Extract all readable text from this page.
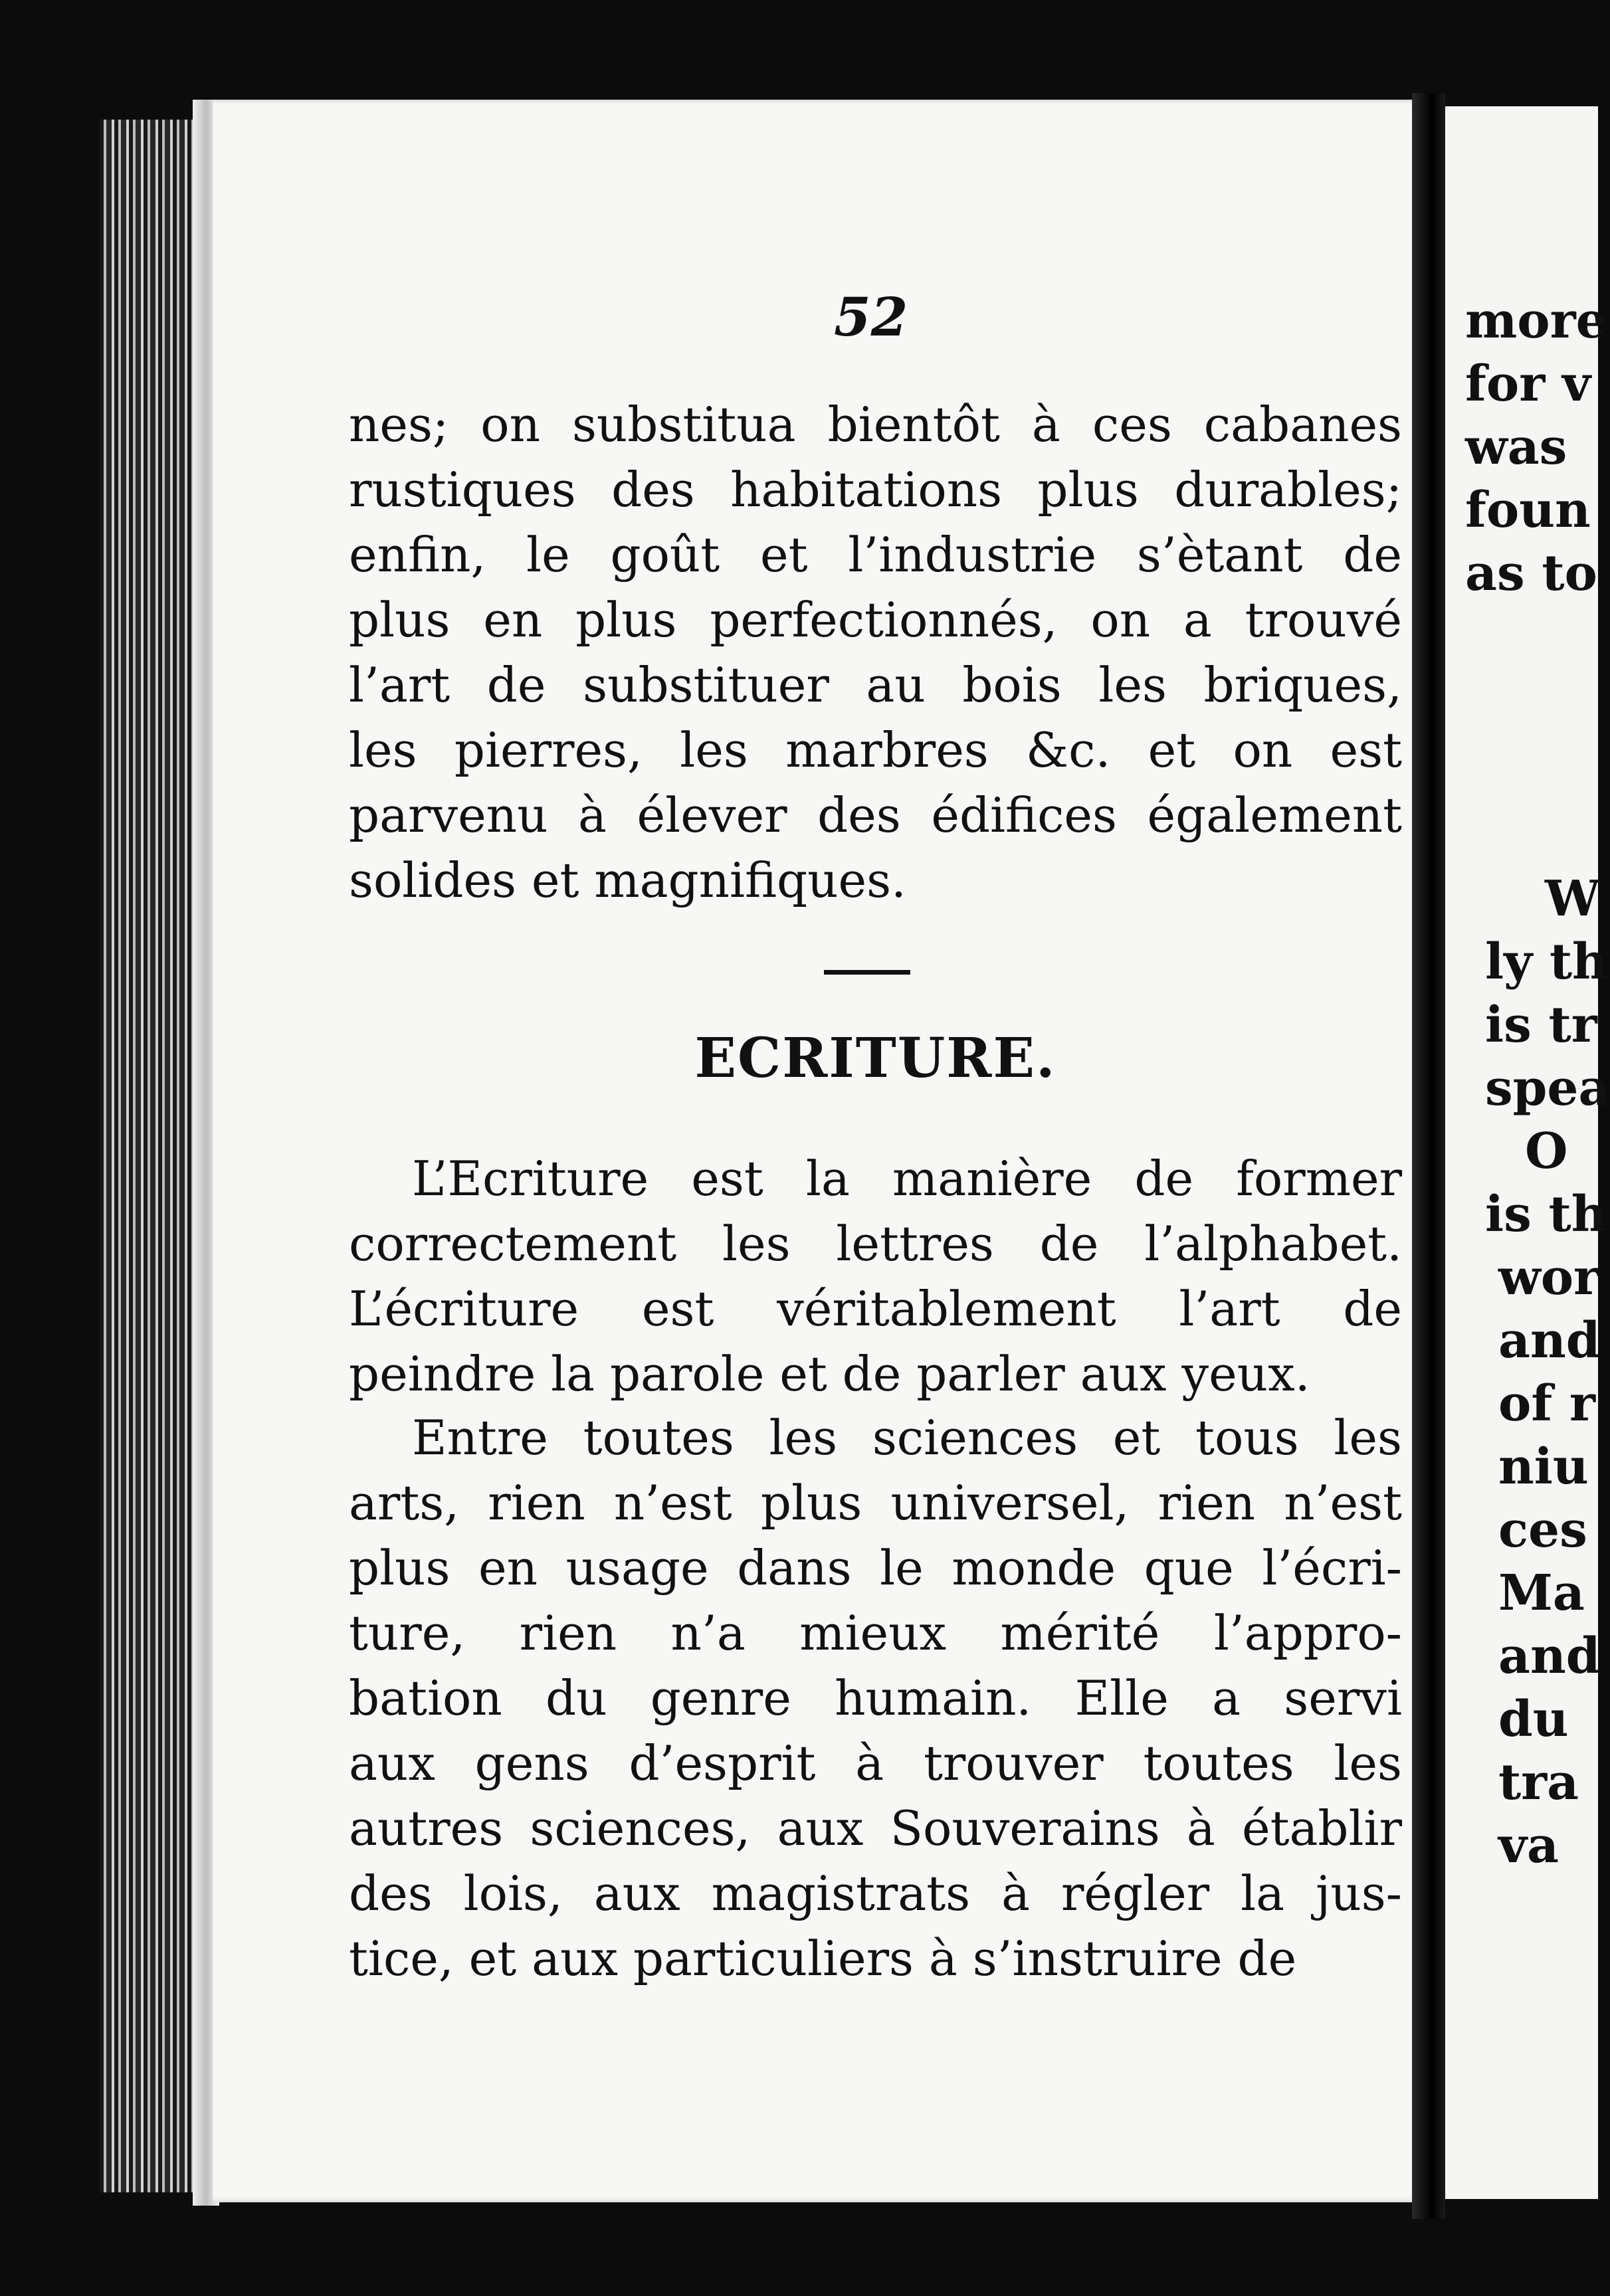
52
nes; on substitua bientôt à ces cabanes
rustiques des habitations plus durables;
enfin, le goût et l’industrie s’ètant de
plus en plus perfectionnés, on a trouvé
l’art de substituer au bois les briques,
les pierres, les marbres &c. et on est
parvenu à élever des édifices également
solides et magnifiques.
ECRITURE.
L’Ecriture est la manière de former
correctement les lettres de l’alphabet.
L’écriture est véritablement l’art de
peindre la parole et de parler aux yeux.
Entre toutes les sciences et tous les
arts, rien n’est plus universel, rien n’est
plus en usage dans le monde que l’écri-
ture, rien n’a mieux mérité l’appro-
bation du genre humain. Elle a servi
aux gens d’esprit à trouver toutes les
autres sciences, aux Souverains à établir
des lois, aux magistrats à régler la jus-
tice, et aux particuliers à s’instruire de
more
for v
was
foun
as to
W
ly th
is tr
spea
O
is th
wor
and
of r
niu
ces
Ma
and
du
tra
va
